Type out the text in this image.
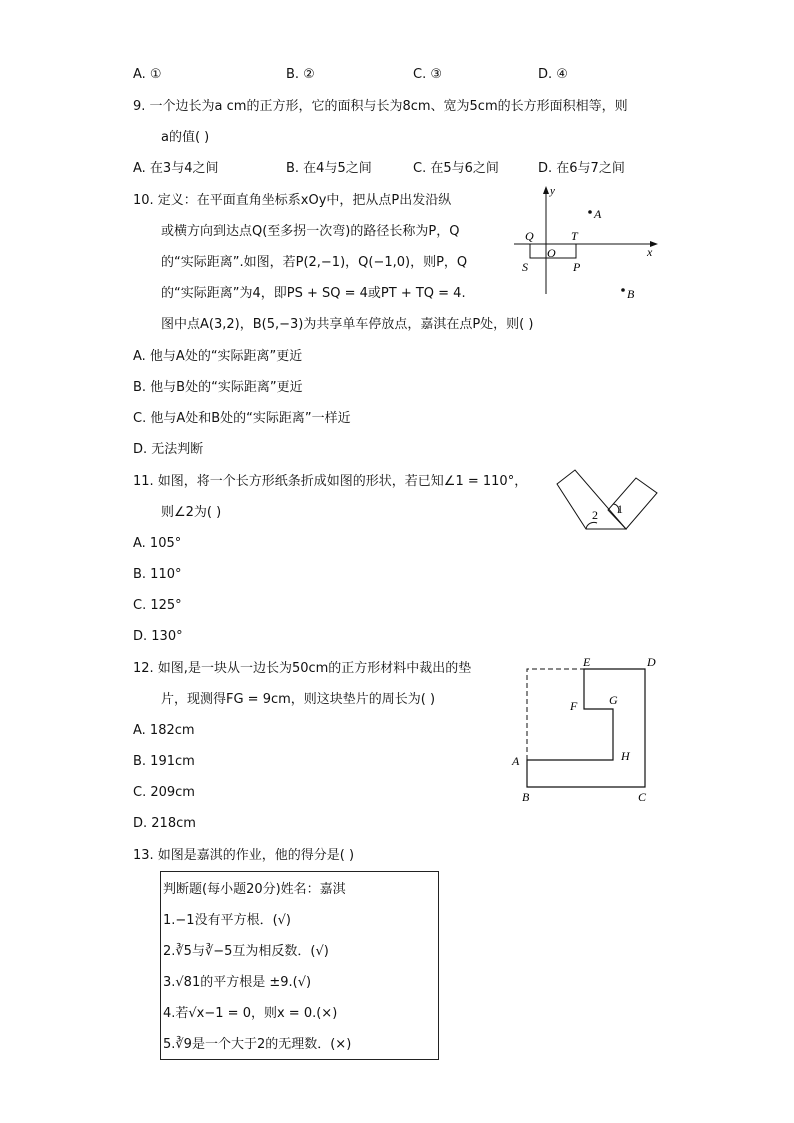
A. ①	B. ②	C. ③	D. ④
9. 一个边长为a cm的正方形，它的面积与长为8cm、宽为5cm的长方形面积相等，则
a的值( )
A. 在3与4之间	B. 在4与5之间	C. 在5与6之间	D. 在6与7之间
10. 定义：在平面直角坐标系xOy中，把从点P出发沿纵
或横方向到达点Q(至多拐一次弯)的路径长称为P，Q
的“实际距离”.如图，若P(2,−1)，Q(−1,0)，则P，Q
的“实际距离”为4，即PS + SQ = 4或PT + TQ = 4.
图中点A(3,2)，B(5,−3)为共享单车停放点，嘉淇在点P处，则( )
y
x
A
B
Q	T
O
S	P
A. 他与A处的“实际距离”更近
B. 他与B处的“实际距离”更近
C. 他与A处和B处的“实际距离”一样近
D. 无法判断
11. 如图，将一个长方形纸条折成如图的形状，若已知∠1 = 110°，
则∠2为( )	2 1
A. 105°
B. 110°
C. 125°
D. 130°
12. 如图,是一块从一边长为50cm的正方形材料中裁出的垫
片，现测得FG = 9cm，则这块垫片的周长为( )
E	D
F	G
H
A
B	C
A. 182cm
B. 191cm
C. 209cm
D. 218cm
13. 如图是嘉淇的作业，他的得分是( )
判断题(每小题20分)姓名：嘉淇
1.−1没有平方根．(√)
2.∛5与∛−5互为相反数．(√)
3.√81的平方根是 ±9.(√)
4.若√x−1 = 0，则x = 0.(×)
5.∛9是一个大于2的无理数．(×)
